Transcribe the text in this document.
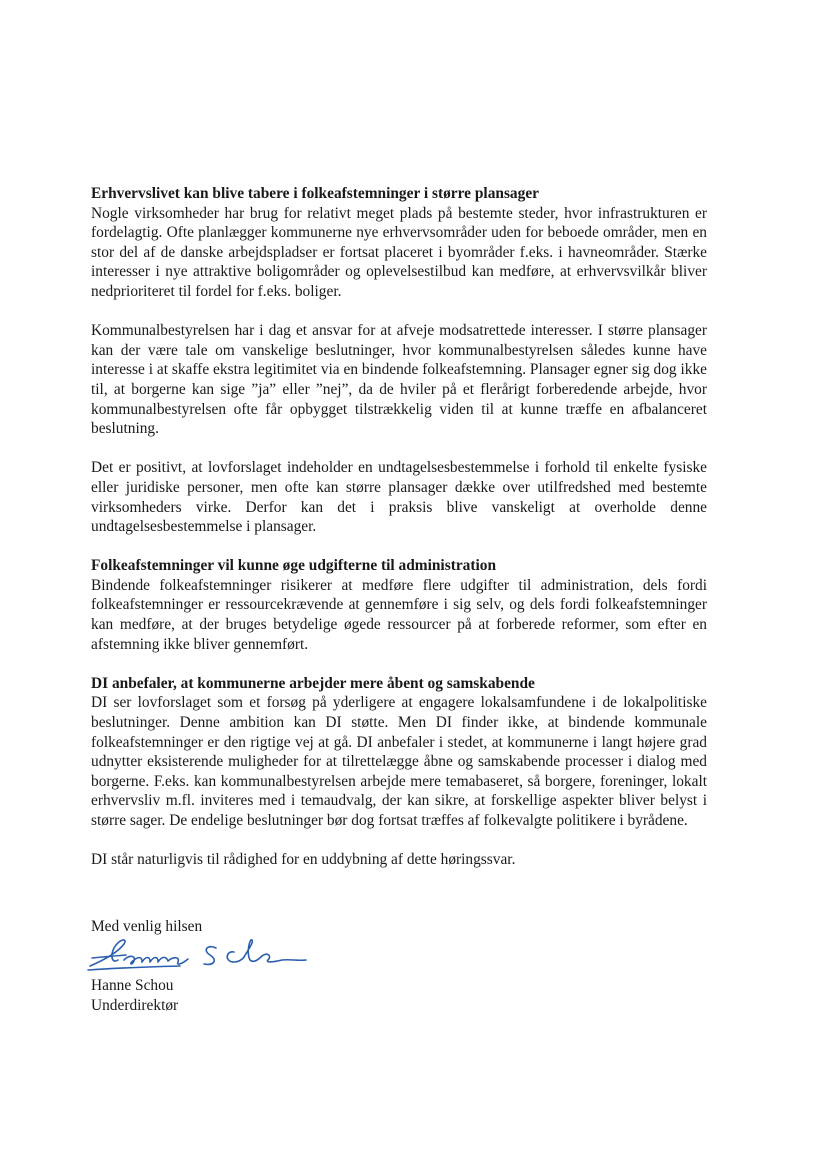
Erhvervslivet kan blive tabere i folkeafstemninger i større plansager

Nogle virksomheder har brug for relativt meget plads på bestemte steder, hvor infrastrukturen er fordelagtig. Ofte planlægger kommunerne nye erhvervsområder uden for beboede områder, men en stor del af de danske arbejdspladser er fortsat placeret i byområder f.eks. i havneområder. Stærke interesser i nye attraktive boligområder og oplevelsestilbud kan medføre, at erhvervsvilkår bliver nedprioriteret til fordel for f.eks. boliger.

Kommunalbestyrelsen har i dag et ansvar for at afveje modsatrettede interesser. I større plansager kan der være tale om vanskelige beslutninger, hvor kommunalbestyrelsen således kunne have interesse i at skaffe ekstra legitimitet via en bindende folkeafstemning. Plansager egner sig dog ikke til, at borgerne kan sige ”ja” eller ”nej”, da de hviler på et flerårigt forberedende arbejde, hvor kommunalbestyrelsen ofte får opbygget tilstrækkelig viden til at kunne træffe en afbalanceret beslutning.

Det er positivt, at lovforslaget indeholder en undtagelsesbestemmelse i forhold til enkelte fysiske eller juridiske personer, men ofte kan større plansager dække over utilfredshed med bestemte virksomheders virke. Derfor kan det i praksis blive vanskeligt at overholde denne undtagelsesbestemmelse i plansager.

Folkeafstemninger vil kunne øge udgifterne til administration

Bindende folkeafstemninger risikerer at medføre flere udgifter til administration, dels fordi folkeafstemninger er ressourcekrævende at gennemføre i sig selv, og dels fordi folkeafstemninger kan medføre, at der bruges betydelige øgede ressourcer på at forberede reformer, som efter en afstemning ikke bliver gennemført.

DI anbefaler, at kommunerne arbejder mere åbent og samskabende

DI ser lovforslaget som et forsøg på yderligere at engagere lokalsamfundene i de lokalpolitiske beslutninger. Denne ambition kan DI støtte. Men DI finder ikke, at bindende kommunale folkeafstemninger er den rigtige vej at gå. DI anbefaler i stedet, at kommunerne i langt højere grad udnytter eksisterende muligheder for at tilrettelægge åbne og samskabende processer i dialog med borgerne. F.eks. kan kommunalbestyrelsen arbejde mere temabaseret, så borgere, foreninger, lokalt erhvervsliv m.fl. inviteres med i temaudvalg, der kan sikre, at forskellige aspekter bliver belyst i større sager. De endelige beslutninger bør dog fortsat træffes af folkevalgte politikere i byrådene.

DI står naturligvis til rådighed for en uddybning af dette høringssvar.

Med venlig hilsen
Hanne Schou
Underdirektør
